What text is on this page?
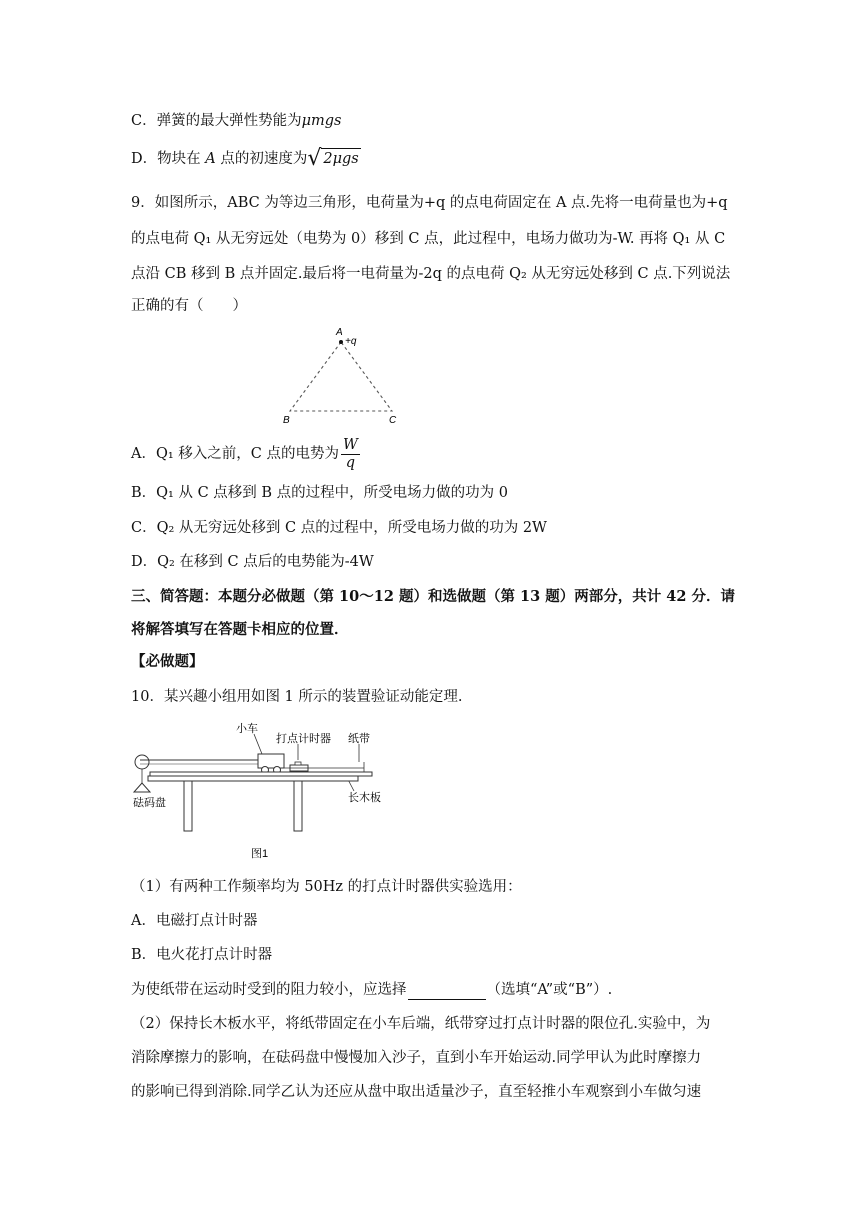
C．弹簧的最大弹性势能为μmgs
D．物块在 A 点的初速度为 √ 2μgs
9．如图所示，ABC 为等边三角形，电荷量为+q 的点电荷固定在 A 点.先将一电荷量也为+q
的点电荷 Q₁ 从无穷远处（电势为 0）移到 C 点，此过程中，电场力做功为-W. 再将 Q₁ 从 C
点沿 CB 移到 B 点并固定.最后将一电荷量为-2q 的点电荷 Q₂ 从无穷远处移到 C 点.下列说法
正确的有（　　）
A
+q
B	C
A．Q₁ 移入之前，C 点的电势为 $\frac{W}{q}$
B．Q₁ 从 C 点移到 B 点的过程中，所受电场力做的功为 0
C．Q₂ 从无穷远处移到 C 点的过程中，所受电场力做的功为 2W
D．Q₂ 在移到 C 点后的电势能为-4W
三、简答题：本题分必做题（第 10～12 题）和选做题（第 13 题）两部分，共计 42 分．请
将解答填写在答题卡相应的位置．
【必做题】
10．某兴趣小组用如图 1 所示的装置验证动能定理.
小车
打点计时器 纸带
砝码盘	长木板
图1
（1）有两种工作频率均为 50Hz 的打点计时器供实验选用：
A．电磁打点计时器
B．电火花打点计时器
为使纸带在运动时受到的阻力较小，应选择	（选填“A”或“B”）.
（2）保持长木板水平，将纸带固定在小车后端，纸带穿过打点计时器的限位孔.实验中，为
消除摩擦力的影响，在砝码盘中慢慢加入沙子，直到小车开始运动.同学甲认为此时摩擦力
的影响已得到消除.同学乙认为还应从盘中取出适量沙子，直至轻推小车观察到小车做匀速
